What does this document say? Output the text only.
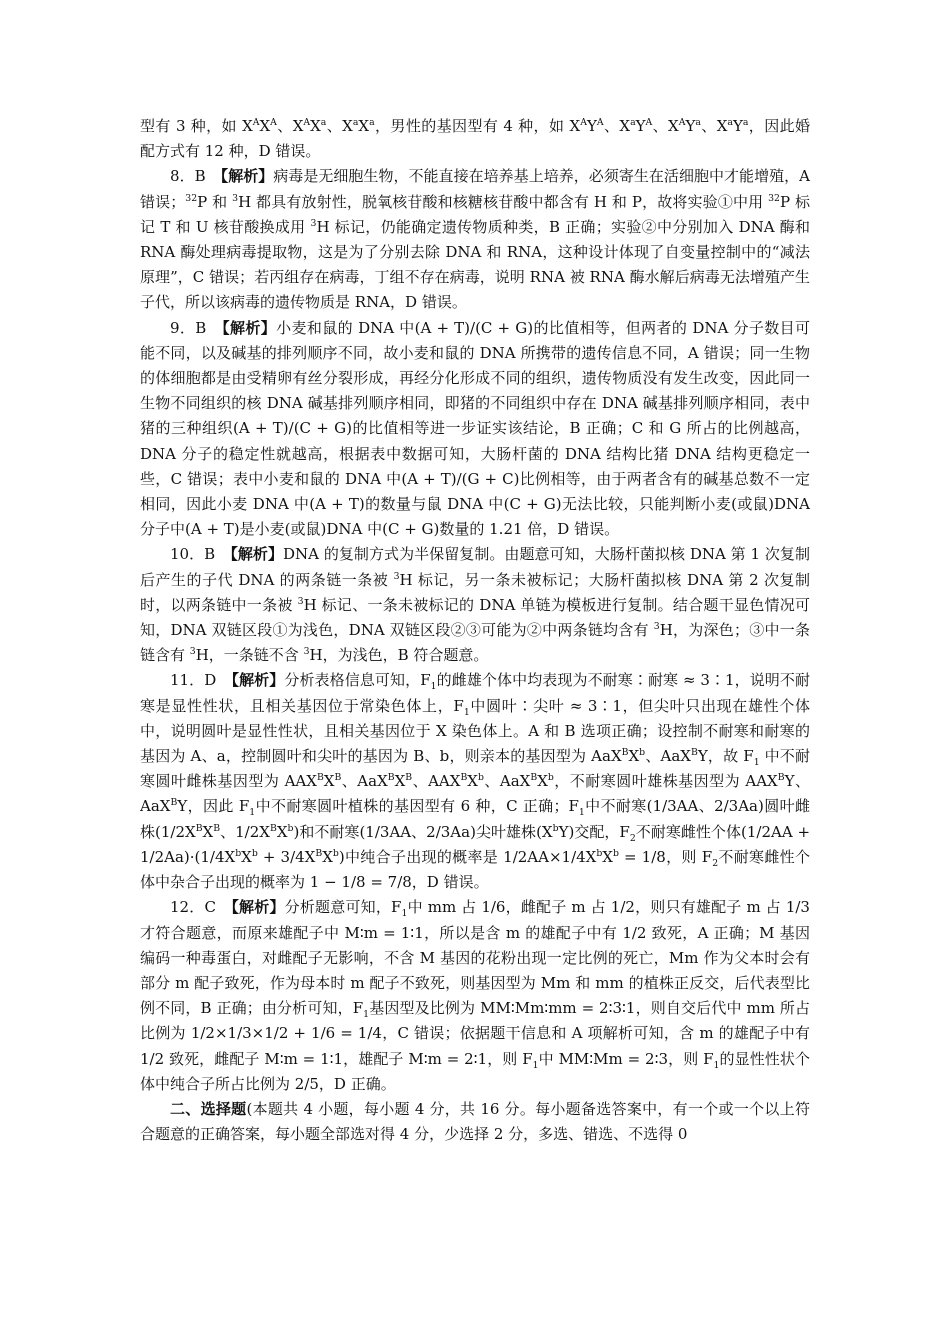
型有 3 种，如 $X^AX^A$、$X^AX^a$、$X^aX^a$，男性的基因型有 4 种，如 $X^AY^A$、$X^aY^A$、$X^AY^a$、$X^aY^a$，因此婚配方式有 12 种，D 错误。

8．B　【解析】病毒是无细胞生物，不能直接在培养基上培养，必须寄生在活细胞中才能增殖，A 错误；$^{32}$P 和 $^3$H 都具有放射性，脱氧核苷酸和核糖核苷酸中都含有 H 和 P，故将实验①中用 $^{32}$P 标记 T 和 U 核苷酸换成用 $^3$H 标记，仍能确定遗传物质种类，B 正确；实验②中分别加入 DNA 酶和 RNA 酶处理病毒提取物，这是为了分别去除 DNA 和 RNA，这种设计体现了自变量控制中的“减法原理”，C 错误；若丙组存在病毒，丁组不存在病毒，说明 RNA 被 RNA 酶水解后病毒无法增殖产生子代，所以该病毒的遗传物质是 RNA，D 错误。

9．B　【解析】小麦和鼠的 DNA 中(A + T)/(C + G)的比值相等，但两者的 DNA 分子数目可能不同，以及碱基的排列顺序不同，故小麦和鼠的 DNA 所携带的遗传信息不同，A 错误；同一生物的体细胞都是由受精卵有丝分裂形成，再经分化形成不同的组织，遗传物质没有发生改变，因此同一生物不同组织的核 DNA 碱基排列顺序相同，即猪的不同组织中存在 DNA 碱基排列顺序相同，表中猪的三种组织(A + T)/(C + G)的比值相等进一步证实该结论，B 正确；C 和 G 所占的比例越高，DNA 分子的稳定性就越高，根据表中数据可知，大肠杆菌的 DNA 结构比猪 DNA 结构更稳定一些，C 错误；表中小麦和鼠的 DNA 中(A + T)/(G + C)比例相等，由于两者含有的碱基总数不一定相同，因此小麦 DNA 中(A + T)的数量与鼠 DNA 中(C + G)无法比较，只能判断小麦(或鼠)DNA 分子中(A + T)是小麦(或鼠)DNA 中(C + G)数量的 1.21 倍，D 错误。

10．B　【解析】DNA 的复制方式为半保留复制。由题意可知，大肠杆菌拟核 DNA 第 1 次复制后产生的子代 DNA 的两条链一条被 $^3$H 标记，另一条未被标记；大肠杆菌拟核 DNA 第 2 次复制时，以两条链中一条被 $^3$H 标记、一条未被标记的 DNA 单链为模板进行复制。结合题干显色情况可知，DNA 双链区段①为浅色，DNA 双链区段②③可能为②中两条链均含有 $^3$H，为深色；③中一条链含有 $^3$H，一条链不含 $^3$H，为浅色，B 符合题意。

11．D　【解析】分析表格信息可知，$F_1$的雌雄个体中均表现为不耐寒∶耐寒 ≈ 3∶1，说明不耐寒是显性性状，且相关基因位于常染色体上，$F_1$中圆叶∶尖叶 ≈ 3∶1，但尖叶只出现在雄性个体中，说明圆叶是显性性状，且相关基因位于 X 染色体上。A 和 B 选项正确；设控制不耐寒和耐寒的基因为 A、a，控制圆叶和尖叶的基因为 B、b，则亲本的基因型为 $AaX^BX^b$、AaX$^B$Y，故 $F_1$ 中不耐寒圆叶雌株基因型为 $AAX^BX^B$、$AaX^BX^B$、$AAX^BX^b$、$AaX^BX^b$，不耐寒圆叶雄株基因型为 $AAX^BY$、AaX$^B$Y，因此 $F_1$中不耐寒圆叶植株的基因型有 6 种，C 正确；$F_1$中不耐寒(1/3AA、2/3Aa)圆叶雌株($1/2X^BX^B$、$1/2X^BX^b$)和不耐寒(1/3AA、2/3Aa)尖叶雄株$(X^bY)$交配，$F_2$不耐寒雌性个体$(1/2AA + 1/2Aa)\cdot(1/4X^bX^b + 3/4X^BX^b)$中纯合子出现的概率是 $1/2AA\times 1/4X^bX^b = 1/8$，则 $F_2$不耐寒雌性个体中杂合子出现的概率为 1 − 1/8 = 7/8，D 错误。

12．C　【解析】分析题意可知，$F_1$中 mm 占 1/6，雌配子 m 占 1/2，则只有雄配子 m 占 1/3 才符合题意，而原来雄配子中 M∶m = 1∶1，所以是含 m 的雄配子中有 1/2 致死，A 正确；M 基因编码一种毒蛋白，对雌配子无影响，不含 M 基因的花粉出现一定比例的死亡，Mm 作为父本时会有部分 m 配子致死，作为母本时 m 配子不致死，则基因型为 Mm 和 mm 的植株正反交，后代表型比例不同，B 正确；由分析可知，$F_1$基因型及比例为 MM∶Mm∶mm = 2∶3∶1，则自交后代中 mm 所占比例为 1/2×1/3×1/2 + 1/6 = 1/4，C 错误；依据题干信息和 A 项解析可知，含 m 的雄配子中有 1/2 致死，雌配子 M∶m = 1∶1，雄配子 M∶m = 2∶1，则 $F_1$中 MM∶Mm = 2∶3，则 $F_1$的显性性状个体中纯合子所占比例为 2/5，D 正确。

二、选择题(本题共 4 小题，每小题 4 分，共 16 分。每小题备选答案中，有一个或一个以上符合题意的正确答案，每小题全部选对得 4 分，少选择 2 分，多选、错选、不选得 0
